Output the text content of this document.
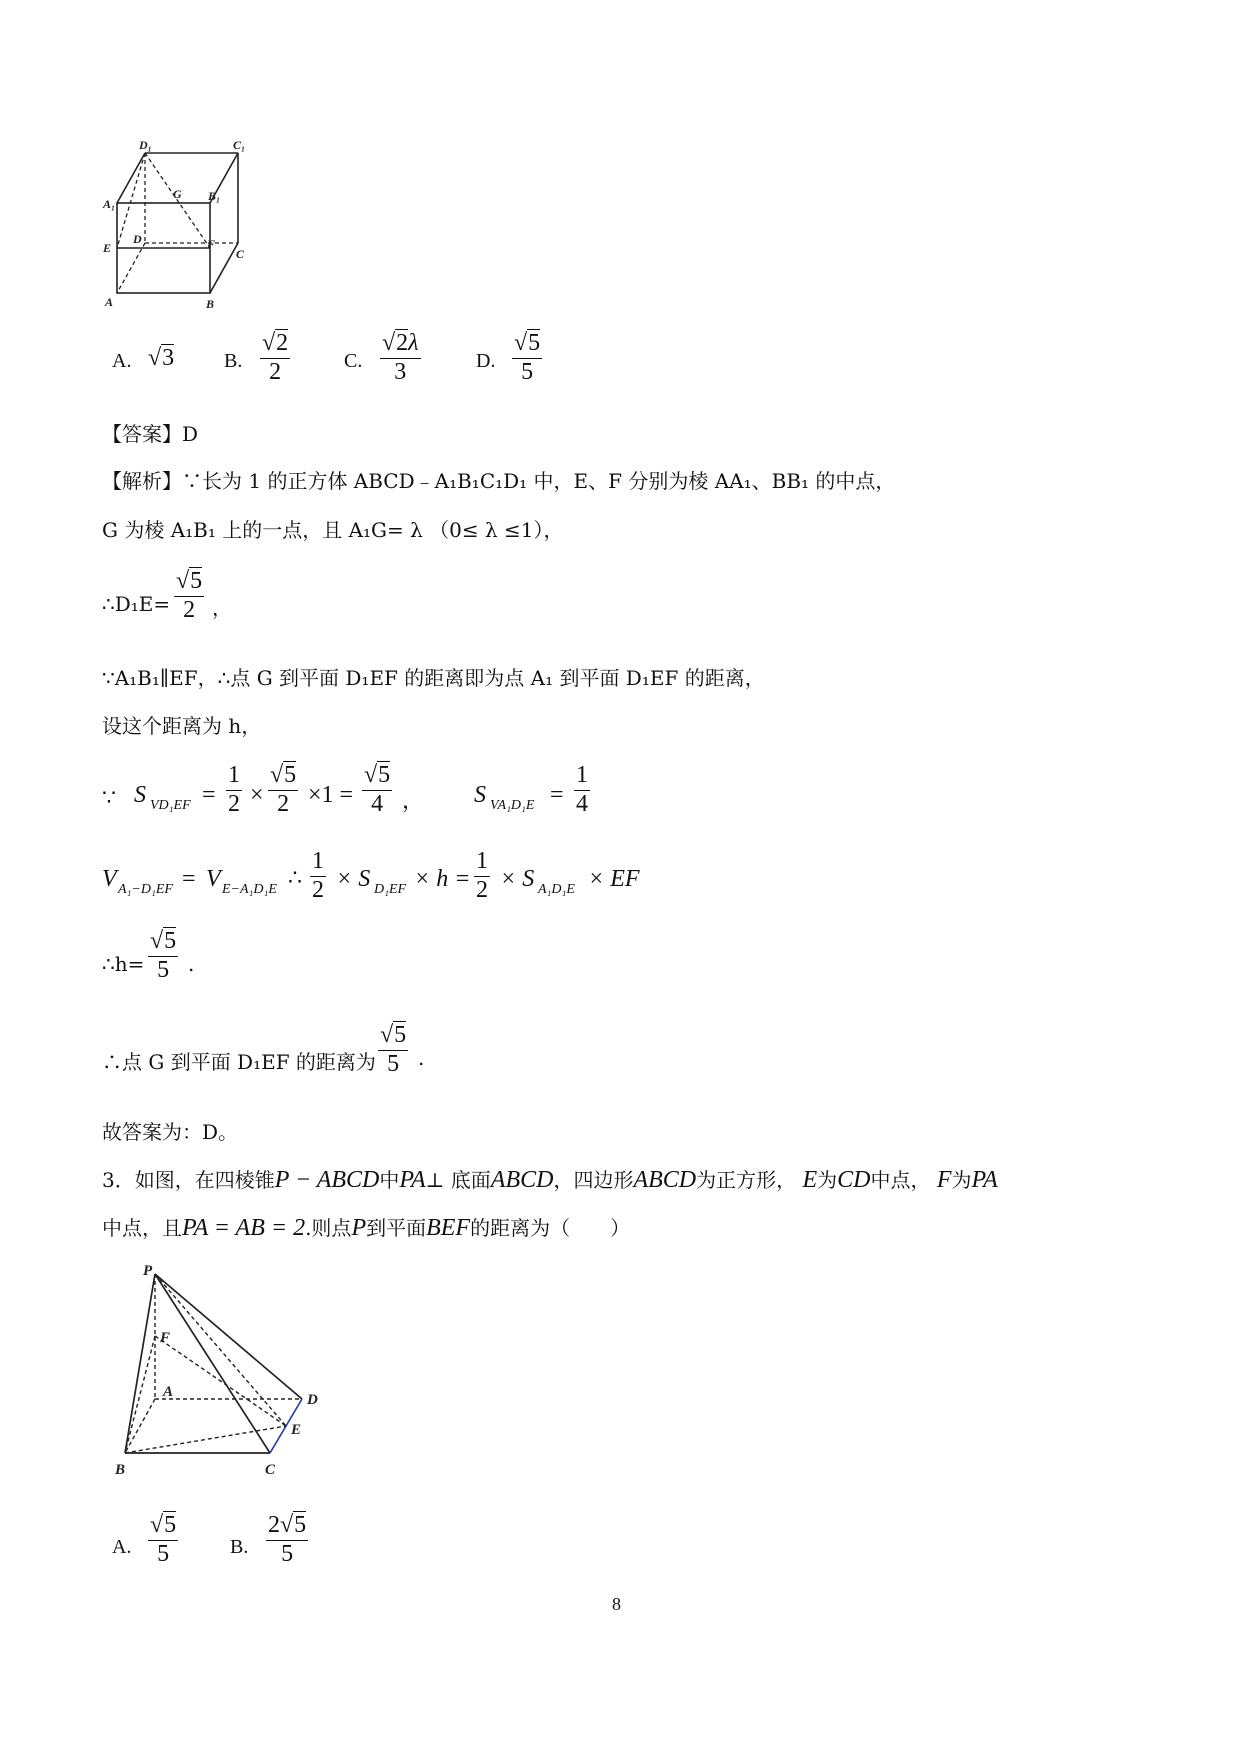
D₁	C₁
A₁
B₁
G
E	F
D
C
A	B
A. √3 B. $\frac{√2}{2}$	C. $\frac{√2\lambda}{3}$	D. $\frac{√5}{5}$
【答案】D
【解析】∵长为 1 的正方体 ABCD﹣A₁B₁C₁D₁ 中，E、F 分别为棱 AA₁、BB₁ 的中点，
G 为棱 A₁B₁ 上的一点，且 A₁G= λ （0≤ λ ≤1），
∴D₁E= $\frac{√5}{2}$ ，
∵A₁B₁∥EF，∴点 G 到平面 D₁EF 的距离即为点 A₁ 到平面 D₁EF 的距离，
设这个距离为 h，
∵ S $VD_1EF = \frac{1}{2} \times \frac{√5}{2} \times 1 = \frac{√5}{4}$ ， S $VA_1D_1E = \frac{1}{4}$
V A₁−D₁EF = V E−A₁D₁E ∴ $\frac{1}{2} \times S$ $D_1EF \times h = \frac{1}{2} \times S$ A₁D₁E × EF
∴h= $\frac{√5}{5}$ .
∴点 G 到平面 D₁EF 的距离为 $\frac{√5}{5}$ .
故答案为：D。
3．如图，在四棱锥P − ABCD中PA⊥ 底面ABCD，四边形ABCD为正方形， E为CD中点， F为PA
中点，且PA = AB = 2.则点P到平面BEF的距离为（　　）
P
F
A	D
E
B	C
A. $\frac{√5}{5}$	B. $\frac{2√5}{5}$
8
